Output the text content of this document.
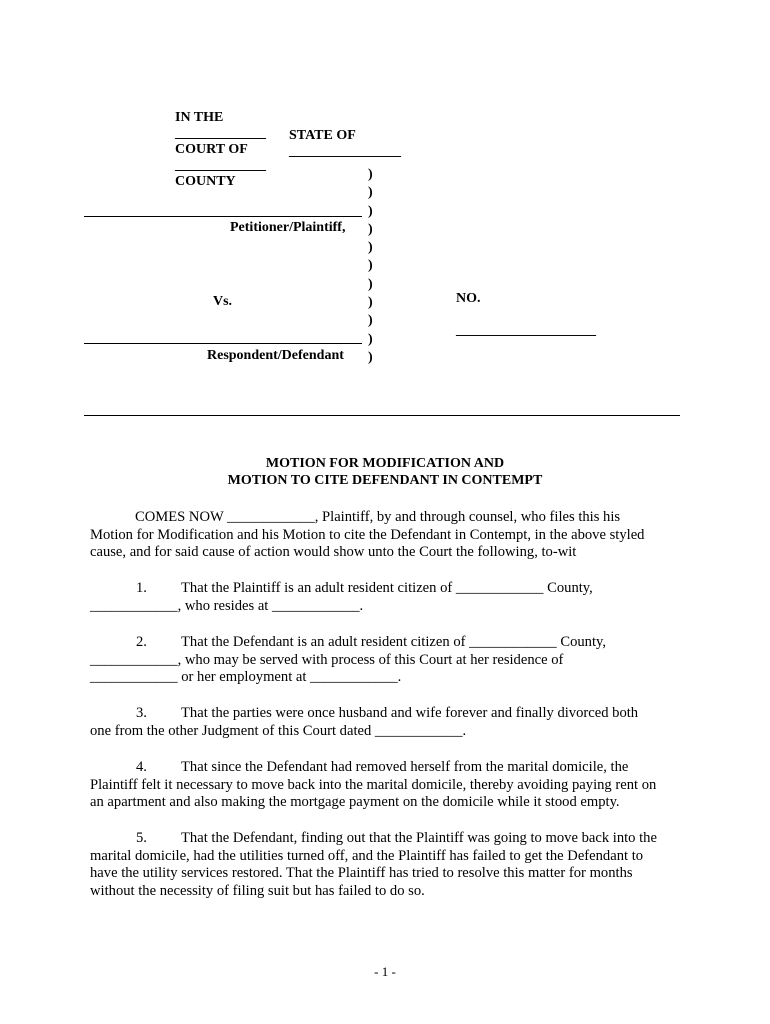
IN THE
_____________
COURT OF
_____________
COUNTY

STATE OF
________________

)
)
)
)
)
)
)
)
)
)
)
Petitioner/Plaintiff,
Vs.
Respondent/Defendant

NO.

____________________

MOTION FOR MODIFICATION AND
MOTION TO CITE DEFENDANT IN CONTEMPT
COMES NOW ____________, Plaintiff, by and through counsel, who files this his
Motion for Modification and his Motion to cite the Defendant in Contempt, in the above styled
cause, and for said cause of action would show unto the Court the following, to-wit
1. That the Plaintiff is an adult resident citizen of ____________ County,
____________, who resides at ____________.
2. That the Defendant is an adult resident citizen of ____________ County,
____________, who may be served with process of this Court at her residence of
____________ or her employment at ____________.
3. That the parties were once husband and wife forever and finally divorced both
one from the other Judgment of this Court dated ____________.
4. That since the Defendant had removed herself from the marital domicile, the
Plaintiff felt it necessary to move back into the marital domicile, thereby avoiding paying rent on
an apartment and also making the mortgage payment on the domicile while it stood empty.
5. That the Defendant, finding out that the Plaintiff was going to move back into the
marital domicile, had the utilities turned off, and the Plaintiff has failed to get the Defendant to
have the utility services restored. That the Plaintiff has tried to resolve this matter for months
without the necessity of filing suit but has failed to do so.
- 1 -
